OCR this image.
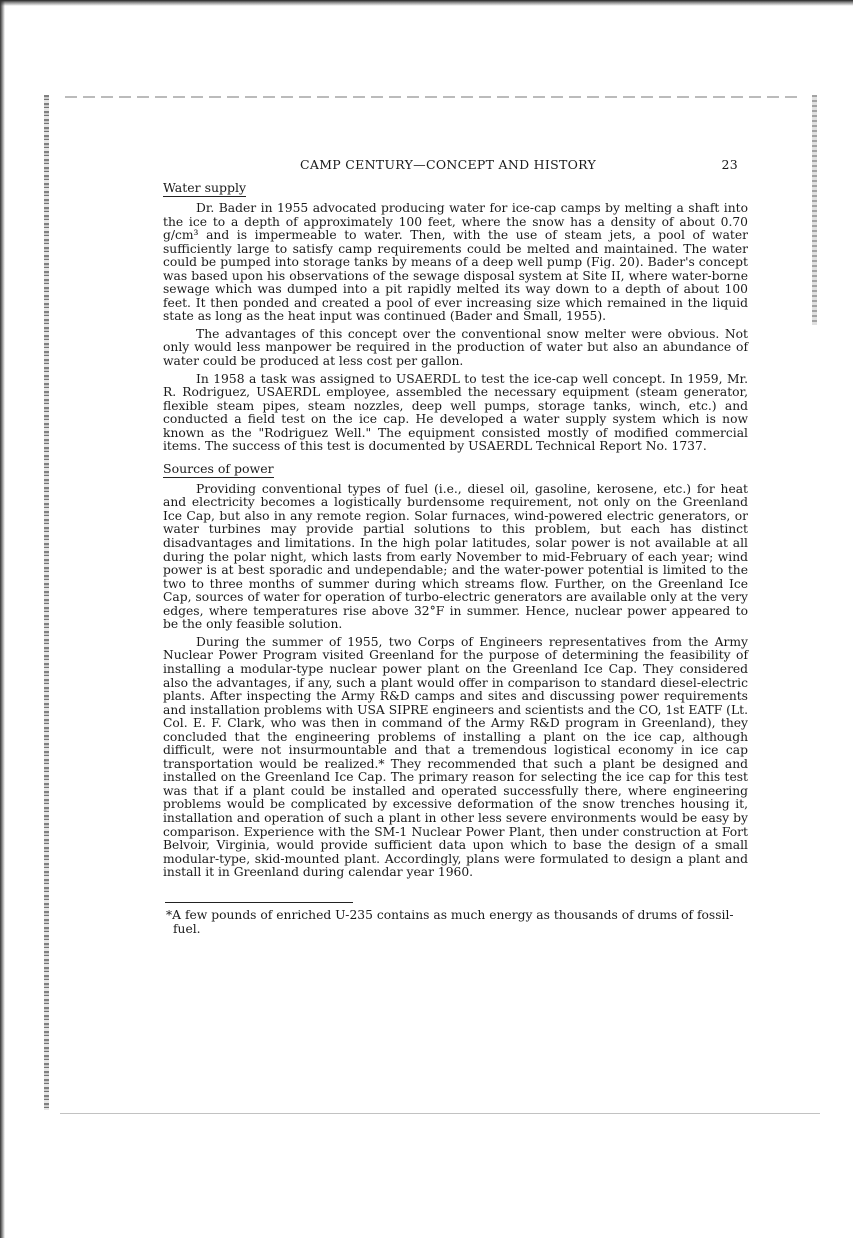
CAMP CENTURY—CONCEPT AND HISTORY	23
Water supply

Dr. Bader in 1955 advocated producing water for ice-cap camps by melting a shaft into the ice to a depth of approximately 100 feet, where the snow has a density of about 0.70 g/cm³ and is impermeable to water. Then, with the use of steam jets, a pool of water sufficiently large to satisfy camp requirements could be melted and maintained. The water could be pumped into storage tanks by means of a deep well pump (Fig. 20). Bader's concept was based upon his observations of the sewage disposal system at Site II, where water-borne sewage which was dumped into a pit rapidly melted its way down to a depth of about 100 feet. It then ponded and created a pool of ever increasing size which remained in the liquid state as long as the heat input was continued (Bader and Small, 1955).

The advantages of this concept over the conventional snow melter were obvious. Not only would less manpower be required in the production of water but also an abundance of water could be produced at less cost per gallon.

In 1958 a task was assigned to USAERDL to test the ice-cap well concept. In 1959, Mr. R. Rodriguez, USAERDL employee, assembled the necessary equipment (steam generator, flexible steam pipes, steam nozzles, deep well pumps, storage tanks, winch, etc.) and conducted a field test on the ice cap. He developed a water supply system which is now known as the "Rodriguez Well." The equipment consisted mostly of modified commercial items. The success of this test is documented by USAERDL Technical Report No. 1737.

Sources of power

Providing conventional types of fuel (i.e., diesel oil, gasoline, kerosene, etc.) for heat and electricity becomes a logistically burdensome requirement, not only on the Greenland Ice Cap, but also in any remote region. Solar furnaces, wind-powered electric generators, or water turbines may provide partial solutions to this problem, but each has distinct disadvantages and limitations. In the high polar latitudes, solar power is not available at all during the polar night, which lasts from early November to mid-February of each year; wind power is at best sporadic and undependable; and the water-power potential is limited to the two to three months of summer during which streams flow. Further, on the Greenland Ice Cap, sources of water for operation of turbo-electric generators are available only at the very edges, where temperatures rise above 32°F in summer. Hence, nuclear power appeared to be the only feasible solution.

During the summer of 1955, two Corps of Engineers representatives from the Army Nuclear Power Program visited Greenland for the purpose of determining the feasibility of installing a modular-type nuclear power plant on the Greenland Ice Cap. They considered also the advantages, if any, such a plant would offer in comparison to standard diesel-electric plants. After inspecting the Army R&D camps and sites and discussing power requirements and installation problems with USA SIPRE engineers and scientists and the CO, 1st EATF (Lt. Col. E. F. Clark, who was then in command of the Army R&D program in Greenland), they concluded that the engineering problems of installing a plant on the ice cap, although difficult, were not insurmountable and that a tremendous logistical economy in ice cap transportation would be realized.* They recommended that such a plant be designed and installed on the Greenland Ice Cap. The primary reason for selecting the ice cap for this test was that if a plant could be installed and operated successfully there, where engineering problems would be complicated by excessive deformation of the snow trenches housing it, installation and operation of such a plant in other less severe environments would be easy by comparison. Experience with the SM-1 Nuclear Power Plant, then under construction at Fort Belvoir, Virginia, would provide sufficient data upon which to base the design of a small modular-type, skid-mounted plant. Accordingly, plans were formulated to design a plant and install it in Greenland during calendar year 1960.

*A few pounds of enriched U-235 contains as much energy as thousands of drums of fossil-fuel.
